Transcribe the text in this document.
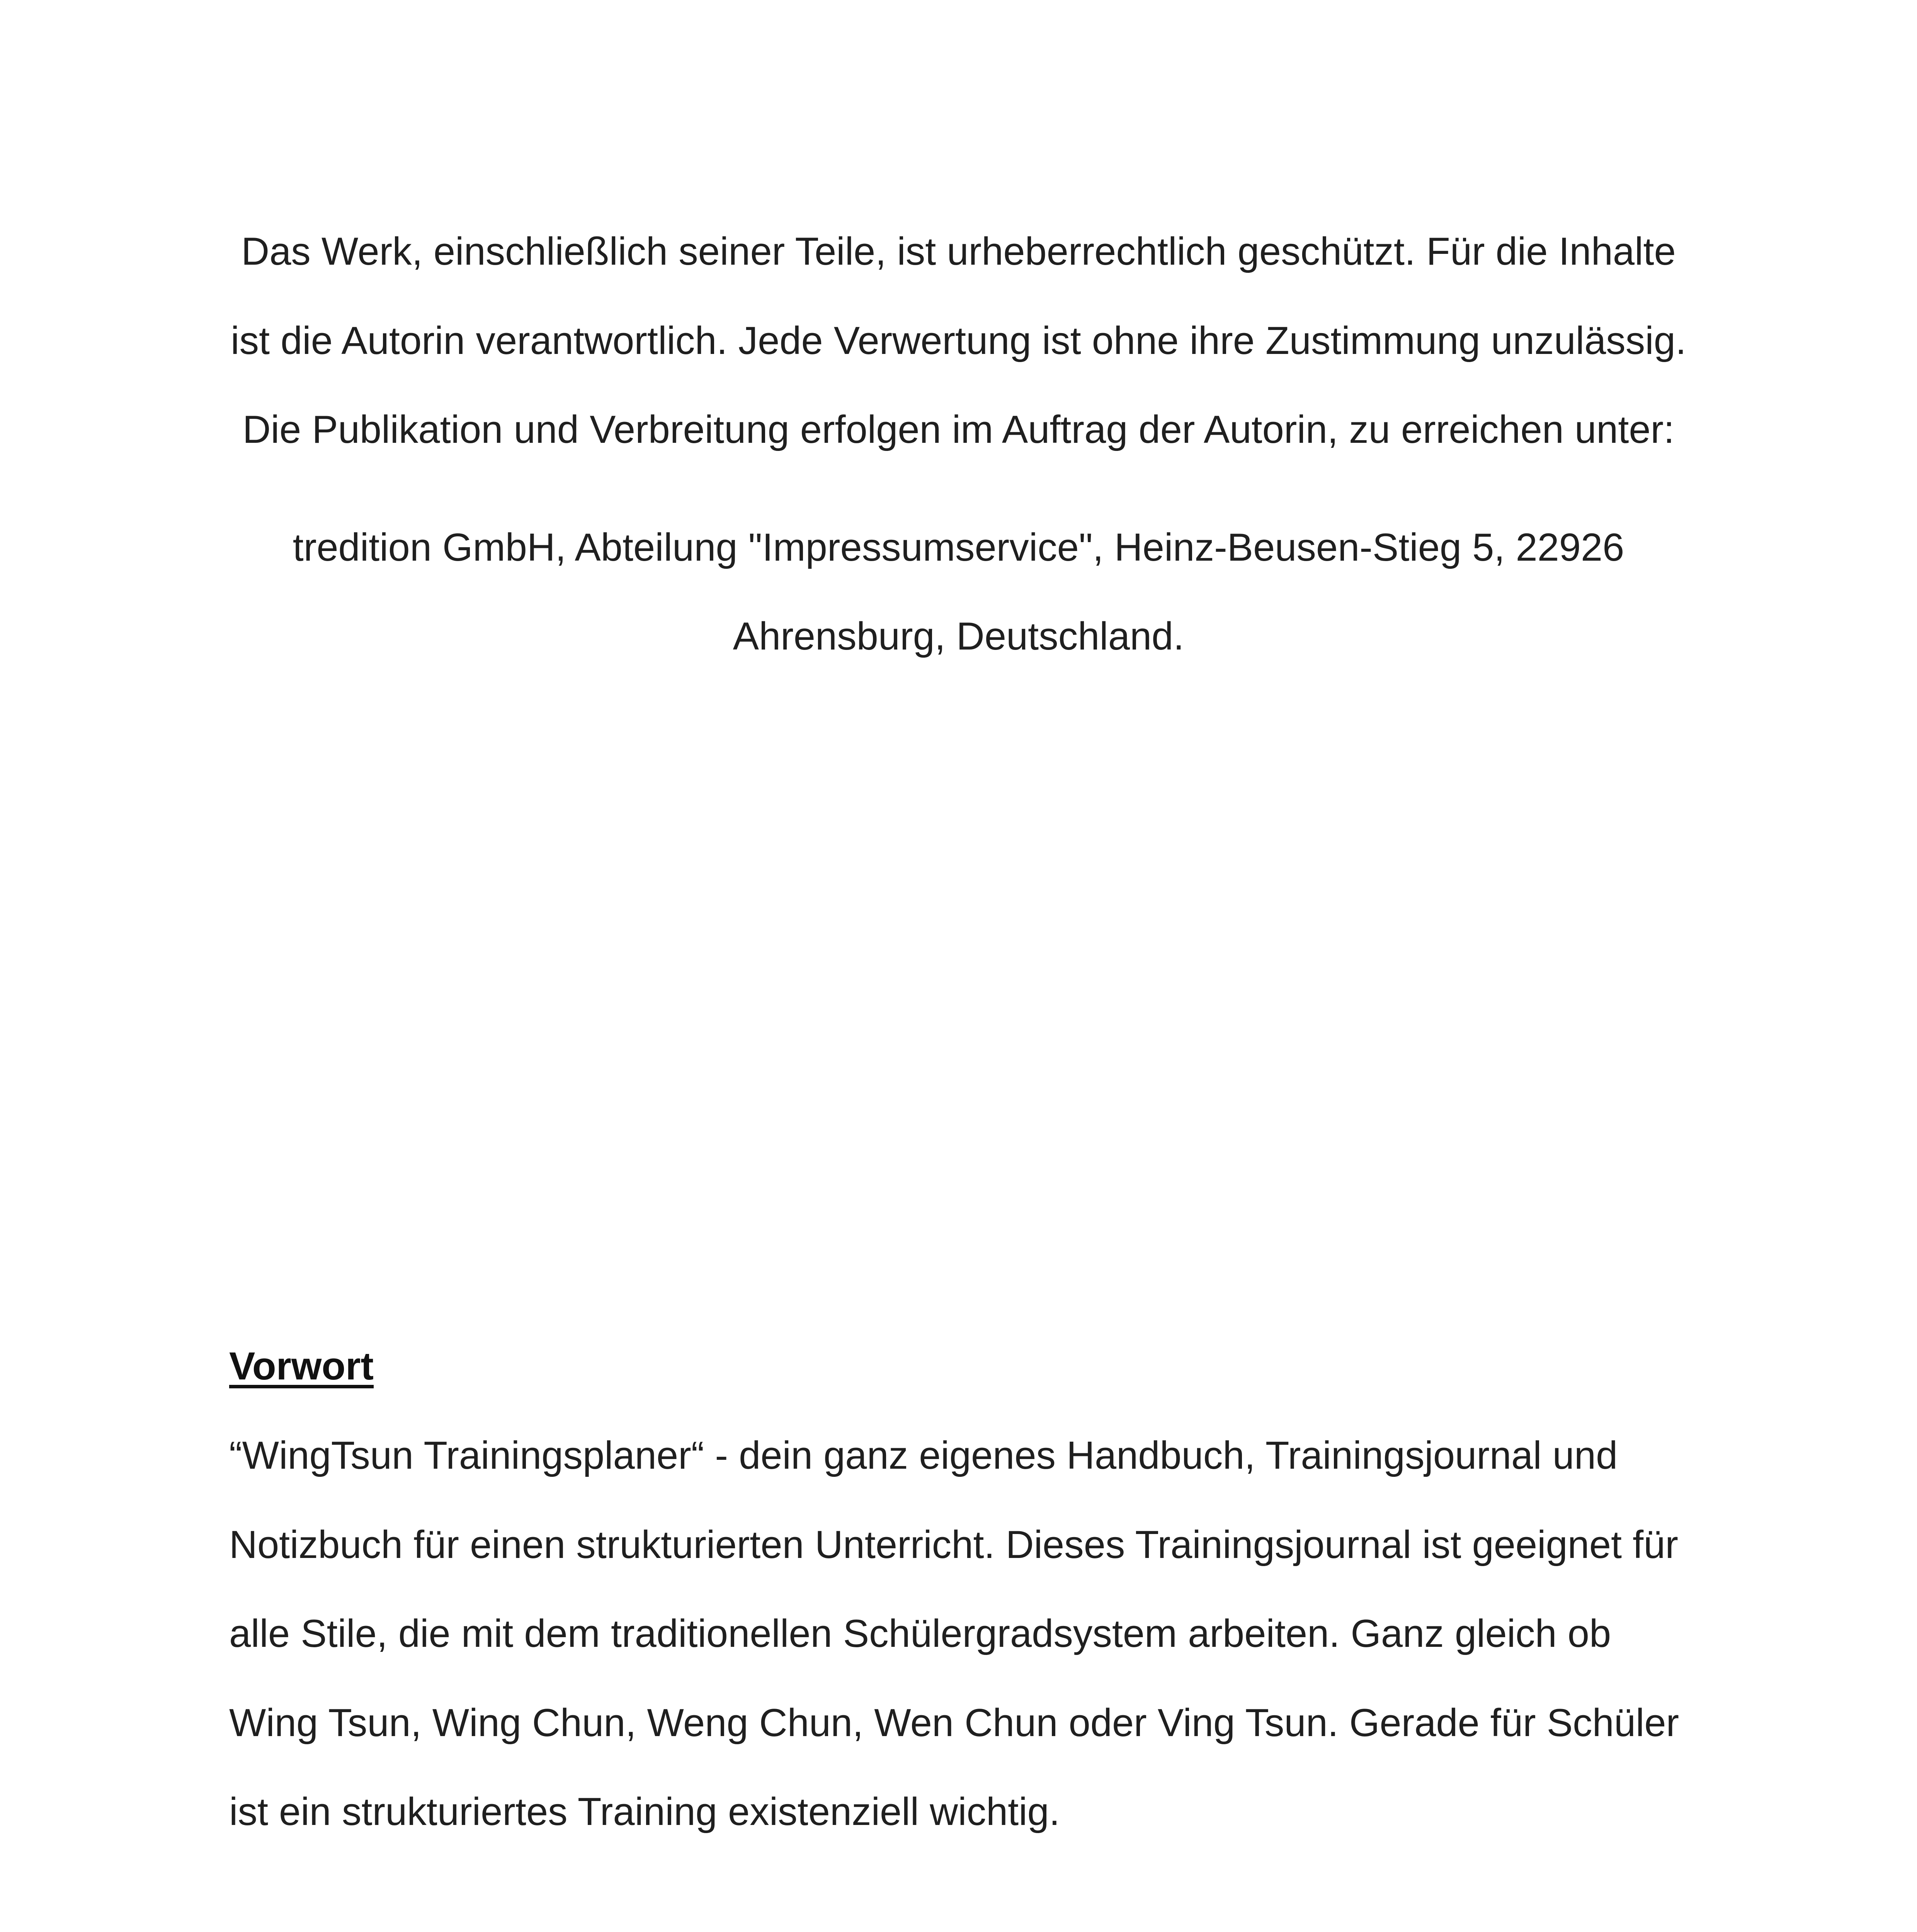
Das Werk, einschließlich seiner Teile, ist urheberrechtlich geschützt. Für die Inhalte
ist die Autorin verantwortlich. Jede Verwertung ist ohne ihre Zustimmung unzulässig.
Die Publikation und Verbreitung erfolgen im Auftrag der Autorin, zu erreichen unter:
tredition GmbH, Abteilung "Impressumservice", Heinz-Beusen-Stieg 5, 22926
Ahrensburg, Deutschland.
Vorwort
“WingTsun Trainingsplaner“ - dein ganz eigenes Handbuch, Trainingsjournal und
Notizbuch für einen strukturierten Unterricht. Dieses Trainingsjournal ist geeignet für
alle Stile, die mit dem traditionellen Schülergradsystem arbeiten. Ganz gleich ob
Wing Tsun, Wing Chun, Weng Chun, Wen Chun oder Ving Tsun. Gerade für Schüler
ist ein strukturiertes Training existenziell wichtig.
